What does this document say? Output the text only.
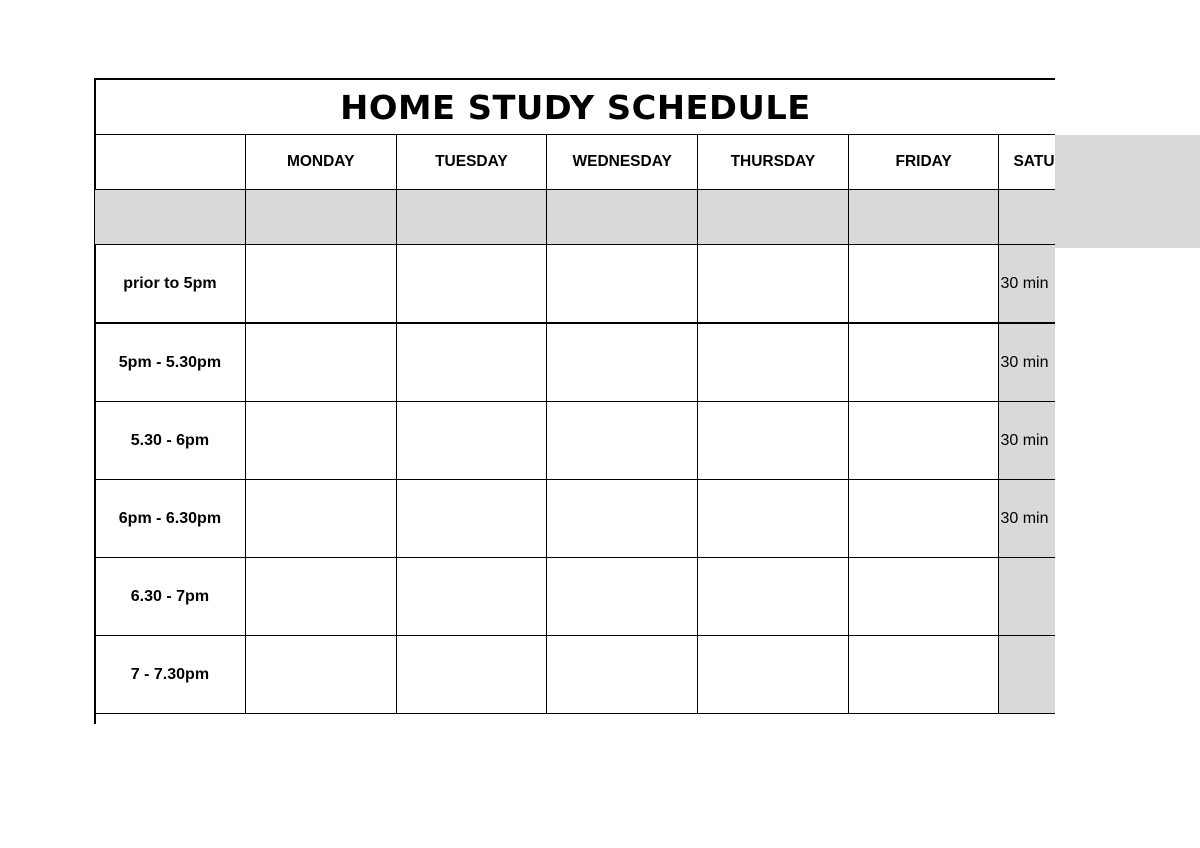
HOME STUDY SCHEDULE
	MONDAY	TUESDAY	WEDNESDAY	THURSDAY	FRIDAY	SATU

prior to 5pm						30 min
5pm - 5.30pm						30 min
5.30 - 6pm						30 min
6pm - 6.30pm						30 min
6.30 - 7pm						
7 - 7.30pm						
